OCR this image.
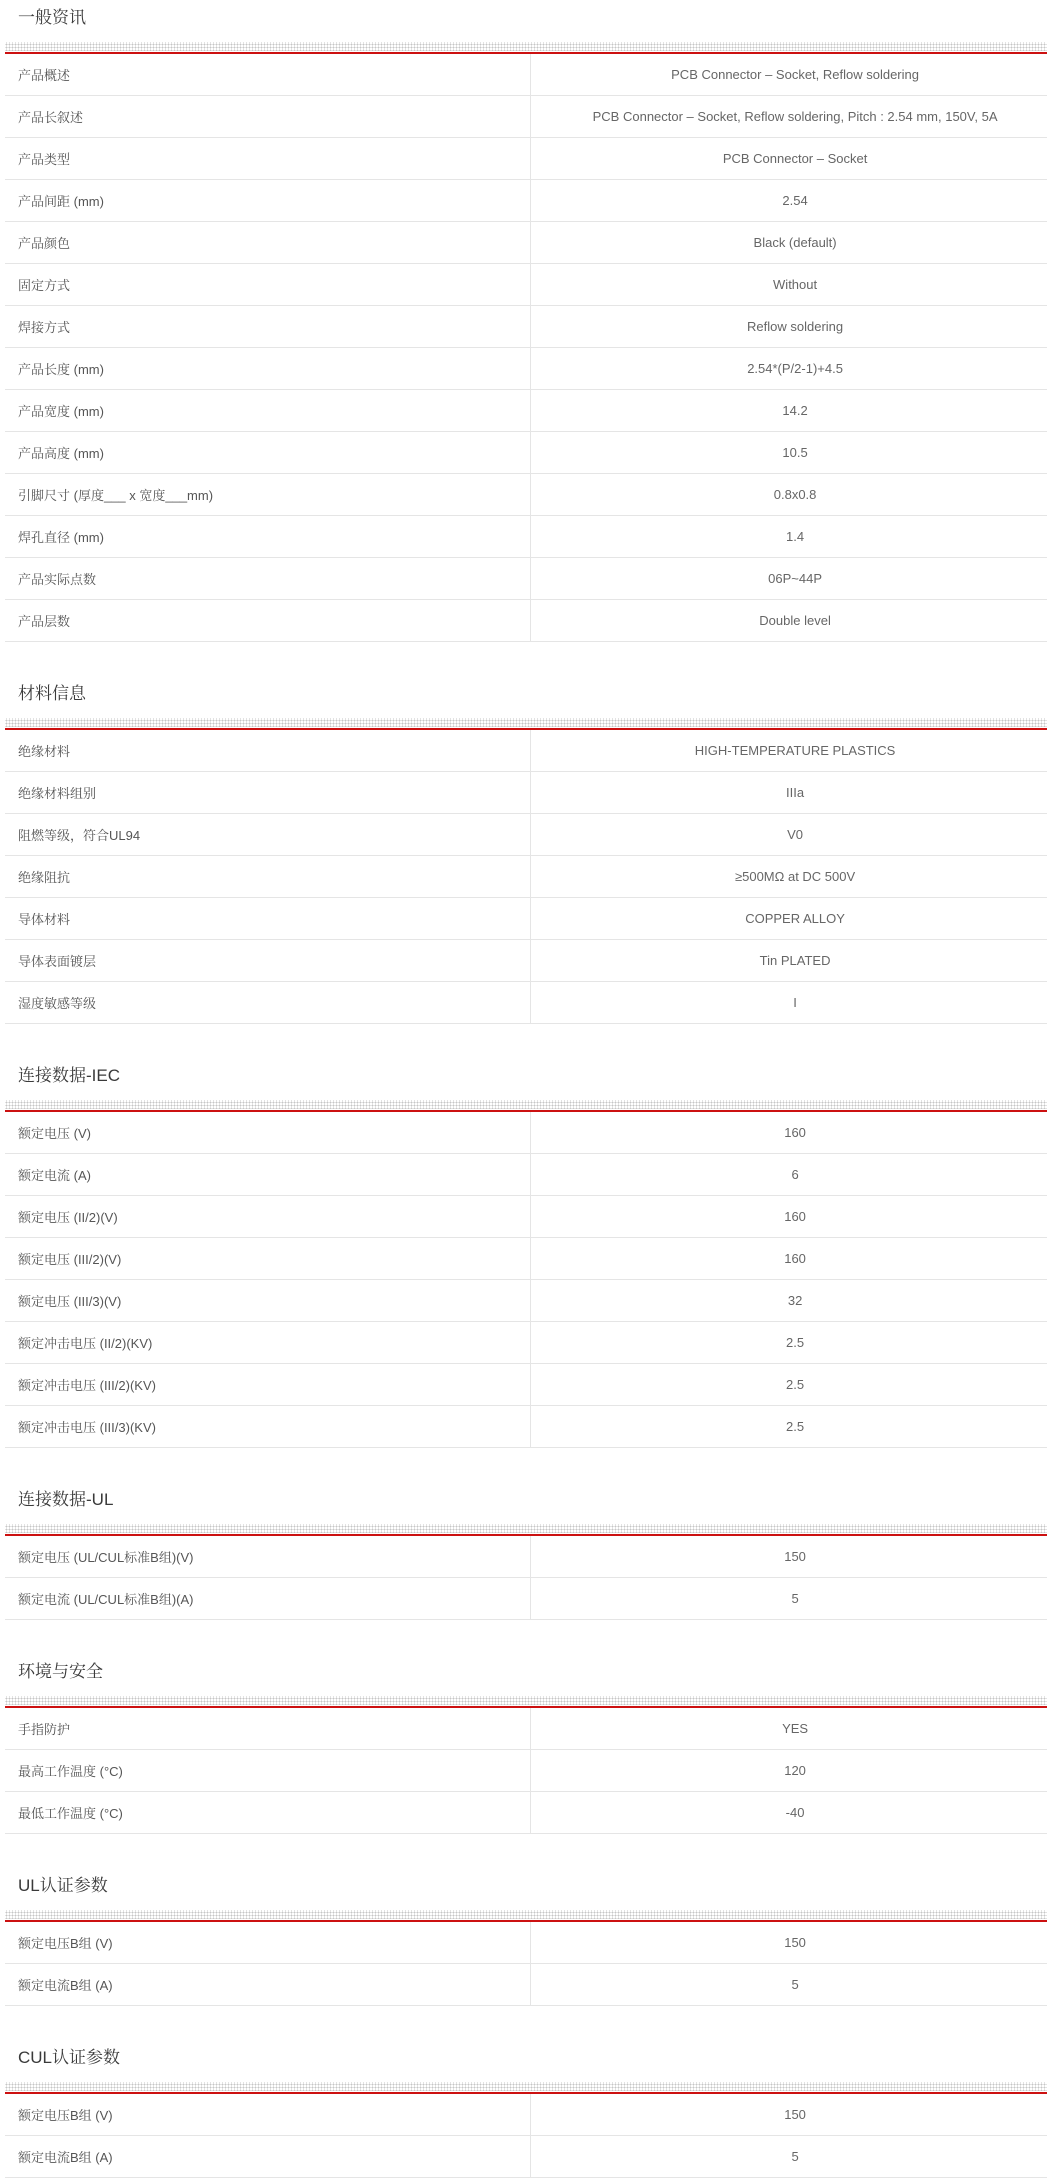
一般资讯
产品概述	PCB Connector – Socket, Reflow soldering
产品长叙述	PCB Connector – Socket, Reflow soldering, Pitch : 2.54 mm, 150V, 5A
产品类型	PCB Connector – Socket
产品间距 (mm)	2.54
产品颜色	Black (default)
固定方式	Without
焊接方式	Reflow soldering
产品长度 (mm)	2.54*(P/2-1)+4.5
产品宽度 (mm)	14.2
产品高度 (mm)	10.5
引脚尺寸 (厚度___ x 宽度___mm)	0.8x0.8
焊孔直径 (mm)	1.4
产品实际点数	06P~44P
产品层数	Double level
材料信息
绝缘材料	HIGH-TEMPERATURE PLASTICS
绝缘材料组别	IIIa
阻燃等级，符合UL94	V0
绝缘阻抗	≥500MΩ at DC 500V
导体材料	COPPER ALLOY
导体表面镀层	Tin PLATED
湿度敏感等级	I
连接数据-IEC
额定电压 (V)	160
额定电流 (A)	6
额定电压 (II/2)(V)	160
额定电压 (III/2)(V)	160
额定电压 (III/3)(V)	32
额定冲击电压 (II/2)(KV)	2.5
额定冲击电压 (III/2)(KV)	2.5
额定冲击电压 (III/3)(KV)	2.5
连接数据-UL
额定电压 (UL/CUL标准B组)(V)	150
额定电流 (UL/CUL标准B组)(A)	5
环境与安全
手指防护	YES
最高工作温度 (°C)	120
最低工作温度 (°C)	-40
UL认证参数
额定电压B组 (V)	150
额定电流B组 (A)	5
CUL认证参数
额定电压B组 (V)	150
额定电流B组 (A)	5
